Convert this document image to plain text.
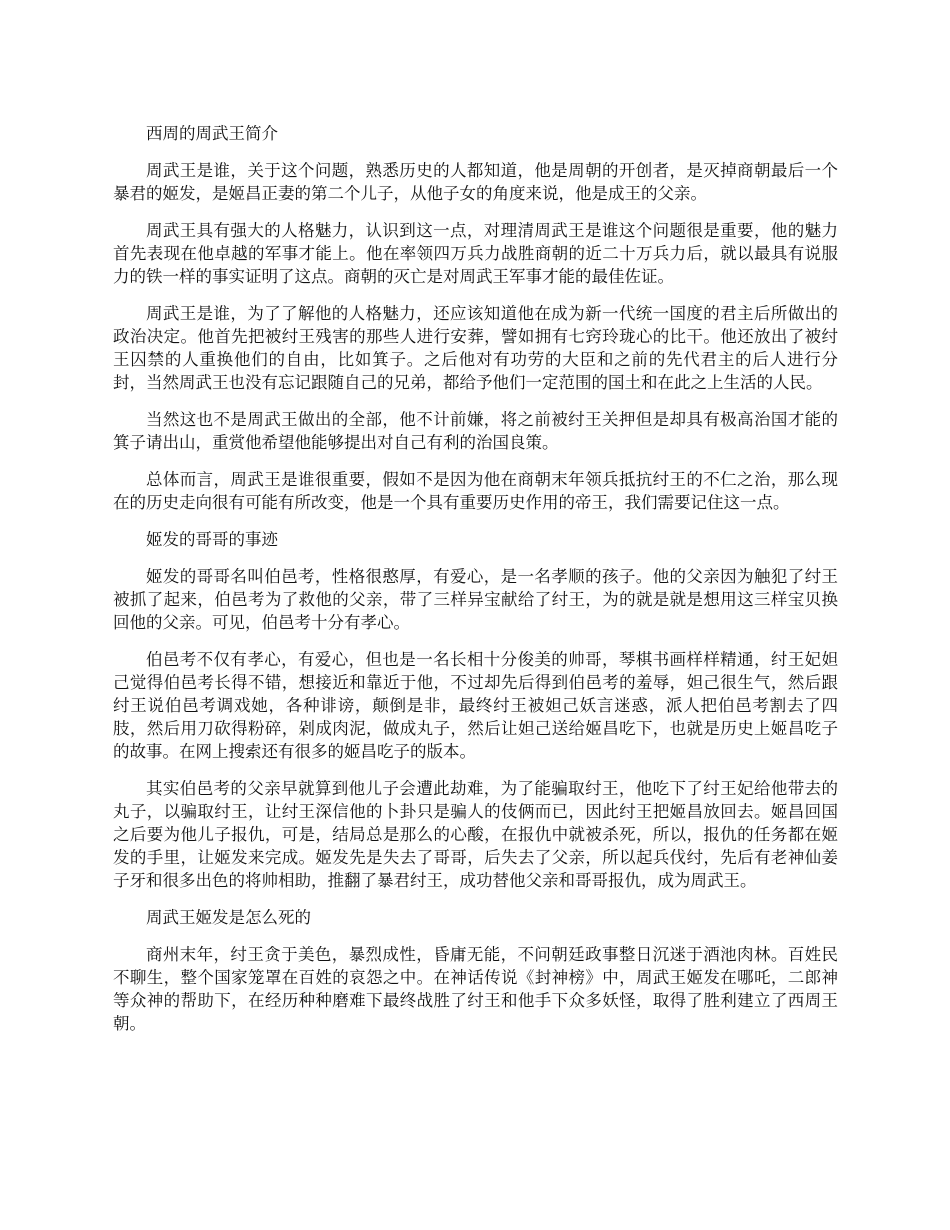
西周的周武王简介

周武王是谁，关于这个问题，熟悉历史的人都知道，他是周朝的开创者，是灭掉商朝最后一个暴君的姬发，是姬昌正妻的第二个儿子，从他子女的角度来说，他是成王的父亲。

周武王具有强大的人格魅力，认识到这一点，对理清周武王是谁这个问题很是重要，他的魅力首先表现在他卓越的军事才能上。他在率领四万兵力战胜商朝的近二十万兵力后，就以最具有说服力的铁一样的事实证明了这点。商朝的灭亡是对周武王军事才能的最佳佐证。

周武王是谁，为了了解他的人格魅力，还应该知道他在成为新一代统一国度的君主后所做出的政治决定。他首先把被纣王残害的那些人进行安葬，譬如拥有七窍玲珑心的比干。他还放出了被纣王囚禁的人重换他们的自由，比如箕子。之后他对有功劳的大臣和之前的先代君主的后人进行分封，当然周武王也没有忘记跟随自己的兄弟，都给予他们一定范围的国土和在此之上生活的人民。

当然这也不是周武王做出的全部，他不计前嫌，将之前被纣王关押但是却具有极高治国才能的箕子请出山，重赏他希望他能够提出对自己有利的治国良策。

总体而言，周武王是谁很重要，假如不是因为他在商朝末年领兵抵抗纣王的不仁之治，那么现在的历史走向很有可能有所改变，他是一个具有重要历史作用的帝王，我们需要记住这一点。

姬发的哥哥的事迹

姬发的哥哥名叫伯邑考，性格很憨厚，有爱心，是一名孝顺的孩子。他的父亲因为触犯了纣王被抓了起来，伯邑考为了救他的父亲，带了三样异宝献给了纣王，为的就是就是想用这三样宝贝换回他的父亲。可见，伯邑考十分有孝心。

伯邑考不仅有孝心，有爱心，但也是一名长相十分俊美的帅哥，琴棋书画样样精通，纣王妃妲己觉得伯邑考长得不错，想接近和靠近于他，不过却先后得到伯邑考的羞辱，妲己很生气，然后跟纣王说伯邑考调戏她，各种诽谤，颠倒是非，最终纣王被妲己妖言迷惑，派人把伯邑考割去了四肢，然后用刀砍得粉碎，剁成肉泥，做成丸子，然后让妲己送给姬昌吃下，也就是历史上姬昌吃子的故事。在网上搜索还有很多的姬昌吃子的版本。

其实伯邑考的父亲早就算到他儿子会遭此劫难，为了能骗取纣王，他吃下了纣王妃给他带去的丸子，以骗取纣王，让纣王深信他的卜卦只是骗人的伎俩而已，因此纣王把姬昌放回去。姬昌回国之后要为他儿子报仇，可是，结局总是那么的心酸，在报仇中就被杀死，所以，报仇的任务都在姬发的手里，让姬发来完成。姬发先是失去了哥哥，后失去了父亲，所以起兵伐纣，先后有老神仙姜子牙和很多出色的将帅相助，推翻了暴君纣王，成功替他父亲和哥哥报仇，成为周武王。

周武王姬发是怎么死的

商州末年，纣王贪于美色，暴烈成性，昏庸无能，不问朝廷政事整日沉迷于酒池肉林。百姓民不聊生，整个国家笼罩在百姓的哀怨之中。在神话传说《封神榜》中，周武王姬发在哪吒，二郎神等众神的帮助下，在经历种种磨难下最终战胜了纣王和他手下众多妖怪，取得了胜利建立了西周王朝。
